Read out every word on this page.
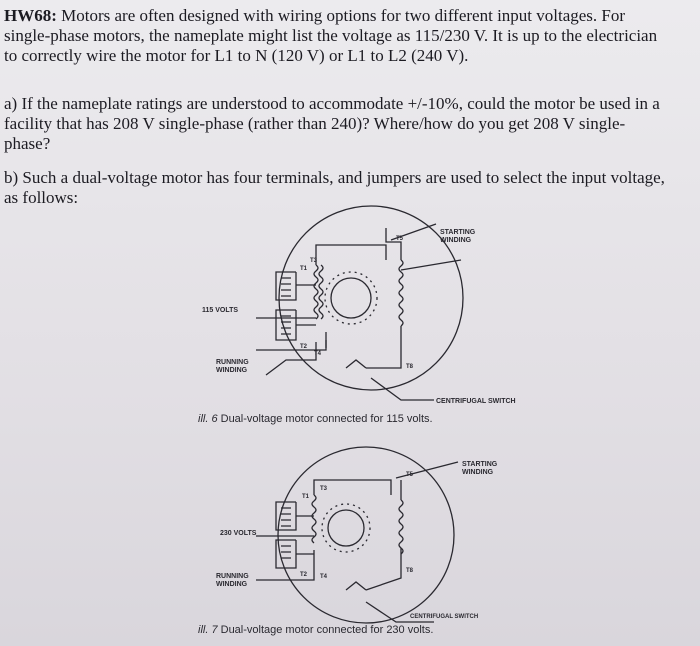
HW68: Motors are often designed with wiring options for two different input voltages. For
single-phase motors, the nameplate might list the voltage as 115/230 V. It is up to the electrician
to correctly wire the motor for L1 to N (120 V) or L1 to L2 (240 V).
a) If the nameplate ratings are understood to accommodate +/-10%, could the motor be used in a
facility that has 208 V single-phase (rather than 240)? Where/how do you get 208 V single-
phase?
b) Such a dual-voltage motor has four terminals, and jumpers are used to select the input voltage,
as follows:
STARTING
WINDING
115 VOLTS
RUNNING
WINDING
CENTRIFUGAL SWITCH
T5
T3
T1
T2
T4
T8
ill. 6 Dual-voltage motor connected for 115 volts.
STARTING
WINDING
230 VOLTS
RUNNING
WINDING
CENTRIFUGAL SWITCH
T5
T3
T1
T2 T4
T8
ill. 7 Dual-voltage motor connected for 230 volts.
